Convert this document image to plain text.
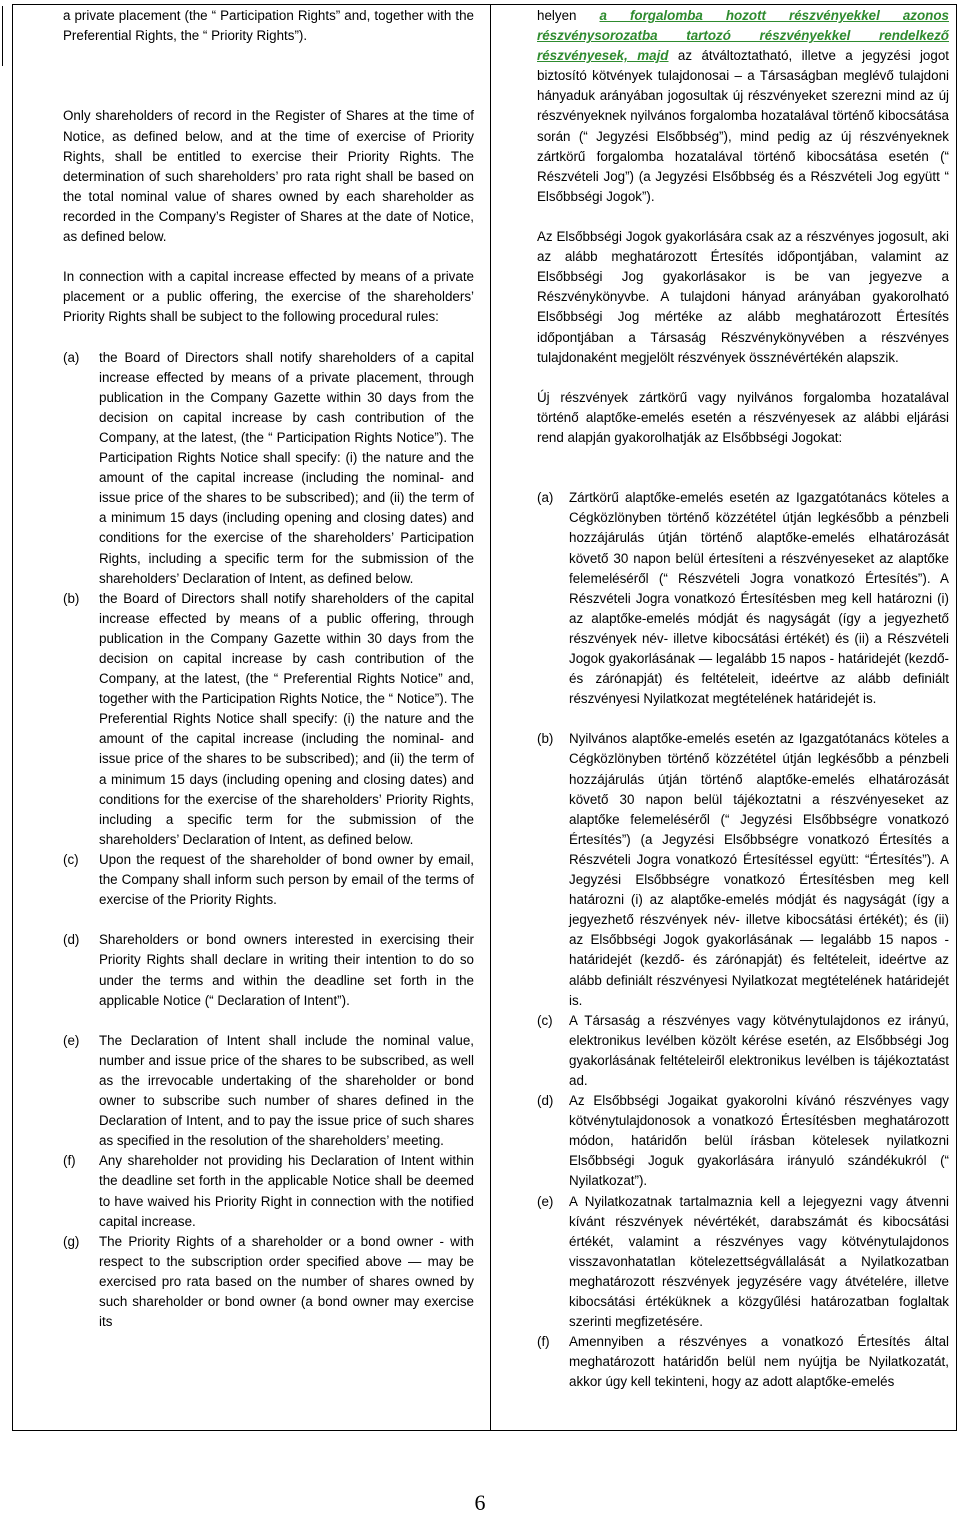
a private placement (the “ Participation Rights” and, together with the Preferential Rights, the “ Priority Rights”).

Only shareholders of record in the Register of Shares at the time of Notice, as defined below, and at the time of exercise of Priority Rights, shall be entitled to exercise their Priority Rights. The determination of such shareholders’ pro rata right shall be based on the total nominal value of shares owned by each shareholder as recorded in the Company’s Register of Shares at the date of Notice, as defined below.

In connection with a capital increase effected by means of a private placement or a public offering, the exercise of the shareholders’ Priority Rights shall be subject to the following procedural rules:

(a)	the Board of Directors shall notify shareholders of a capital increase effected by means of a private placement, through publication in the Company Gazette within 30 days from the decision on capital increase by cash contribution of the Company, at the latest, (the “ Participation Rights Notice”). The Participation Rights Notice shall specify: (i) the nature and the amount of the capital increase (including the nominal- and issue price of the shares to be subscribed); and (ii) the term of a minimum 15 days (including opening and closing dates) and conditions for the exercise of the shareholders’ Participation Rights, including a specific term for the submission of the shareholders’ Declaration of Intent, as defined below.
(b)	the Board of Directors shall notify shareholders of the capital increase effected by means of a public offering, through publication in the Company Gazette within 30 days from the decision on capital increase by cash contribution of the Company, at the latest, (the “ Preferential Rights Notice” and, together with the Participation Rights Notice, the “ Notice”). The Preferential Rights Notice shall specify: (i) the nature and the amount of the capital increase (including the nominal- and issue price of the shares to be subscribed); and (ii) the term of a minimum 15 days (including opening and closing dates) and conditions for the exercise of the shareholders’ Priority Rights, including a specific term for the submission of the shareholders’ Declaration of Intent, as defined below.
(c)	Upon the request of the shareholder of bond owner by email, the Company shall inform such person by email of the terms of exercise of the Priority Rights.
(d)	Shareholders or bond owners interested in exercising their Priority Rights shall declare in writing their intention to do so under the terms and within the deadline set forth in the applicable Notice (“ Declaration of Intent”).
(e)	The Declaration of Intent shall include the nominal value, number and issue price of the shares to be subscribed, as well as the irrevocable undertaking of the shareholder or bond owner to subscribe such number of shares defined in the Declaration of Intent, and to pay the issue price of such shares as specified in the resolution of the shareholders’ meeting.
(f)	Any shareholder not providing his Declaration of Intent within the deadline set forth in the applicable Notice shall be deemed to have waived his Priority Right in connection with the notified capital increase.
(g)	The Priority Rights of a shareholder or a bond owner - with respect to the subscription order specified above — may be exercised pro rata based on the number of shares owned by such shareholder or bond owner (a bond owner may exercise its

helyen a forgalomba hozott részvényekkel azonos részvénysorozatba tartozó részvényekkel rendelkező részvényesek, majd az átváltoztatható, illetve a jegyzési jogot biztosító kötvények tulajdonosai – a Társaságban meglévő tulajdoni hányaduk arányában jogosultak új részvényeket szerezni mind az új részvényeknek nyilvános forgalomba hozatalával történő kibocsátása során (“ Jegyzési Elsőbbség”), mind pedig az új részvényeknek zártkörű forgalomba hozatalával történő kibocsátása esetén (“ Részvételi Jog”) (a Jegyzési Elsőbbség és a Részvételi Jog együtt “ Elsőbbségi Jogok”).

Az Elsőbbségi Jogok gyakorlására csak az a részvényes jogosult, aki az alább meghatározott Értesítés időpontjában, valamint az Elsőbbségi Jog gyakorlásakor is be van jegyezve a Részvénykönyvbe. A tulajdoni hányad arányában gyakorolható Elsőbbségi Jog mértéke az alább meghatározott Értesítés időpontjában a Társaság Részvénykönyvében a részvényes tulajdonaként megjelölt részvények össznévértékén alapszik.

Új részvények zártkörű vagy nyilvános forgalomba hozatalával történő alaptőke-emelés esetén a részvényesek az alábbi eljárási rend alapján gyakorolhatják az Elsőbbségi Jogokat:

(a)	Zártkörű alaptőke-emelés esetén az Igazgatótanács köteles a Cégközlönyben történő közzététel útján legkésőbb a pénzbeli hozzájárulás útján történő alaptőke-emelés elhatározását követő 30 napon belül értesíteni a részvényeseket az alaptőke felemeléséről (“ Részvételi Jogra vonatkozó Értesítés”). A Részvételi Jogra vonatkozó Értesítésben meg kell határozni (i) az alaptőke-emelés módját és nagyságát (így a jegyezhető részvények név- illetve kibocsátási értékét) és (ii) a Részvételi Jogok gyakorlásának — legalább 15 napos - határidejét (kezdő- és zárónapját) és feltételeit, ideértve az alább definiált részvényesi Nyilatkozat megtételének határidejét is.
(b)	Nyilvános alaptőke-emelés esetén az Igazgatótanács köteles a Cégközlönyben történő közzététel útján legkésőbb a pénzbeli hozzájárulás útján történő alaptőke-emelés elhatározását követő 30 napon belül tájékoztatni a részvényeseket az alaptőke felemeléséről (“ Jegyzési Elsőbbségre vonatkozó Értesítés”) (a Jegyzési Elsőbbségre vonatkozó Értesítés a Részvételi Jogra vonatkozó Értesítéssel együtt: “Értesítés”). A Jegyzési Elsőbbségre vonatkozó Értesítésben meg kell határozni (i) az alaptőke-emelés módját és nagyságát (így a jegyezhető részvények név- illetve kibocsátási értékét); és (ii) az Elsőbbségi Jogok gyakorlásának — legalább 15 napos - határidejét (kezdő- és zárónapját) és feltételeit, ideértve az alább definiált részvényesi Nyilatkozat megtételének határidejét is.
(c)	A Társaság a részvényes vagy kötvénytulajdonos ez irányú, elektronikus levélben közölt kérése esetén, az Elsőbbségi Jog gyakorlásának feltételeiről elektronikus levélben is tájékoztatást ad.
(d)	Az Elsőbbségi Jogaikat gyakorolni kívánó részvényes vagy kötvénytulajdonosok a vonatkozó Értesítésben meghatározott módon, határidőn belül írásban kötelesek nyilatkozni Elsőbbségi Joguk gyakorlására irányuló szándékukról (“ Nyilatkozat”).
(e)	A Nyilatkozatnak tartalmaznia kell a lejegyezni vagy átvenni kívánt részvények névértékét, darabszámát és kibocsátási értékét, valamint a részvényes vagy kötvénytulajdonos visszavonhatatlan kötelezettségvállalását a Nyilatkozatban meghatározott részvények jegyzésére vagy átvételére, illetve kibocsátási értéküknek a közgyűlési határozatban foglaltak szerinti megfizetésére.
(f)	Amennyiben a részvényes a vonatkozó Értesítés által meghatározott határidőn belül nem nyújtja be Nyilatkozatát, akkor úgy kell tekinteni, hogy az adott alaptőke-emelés
6
